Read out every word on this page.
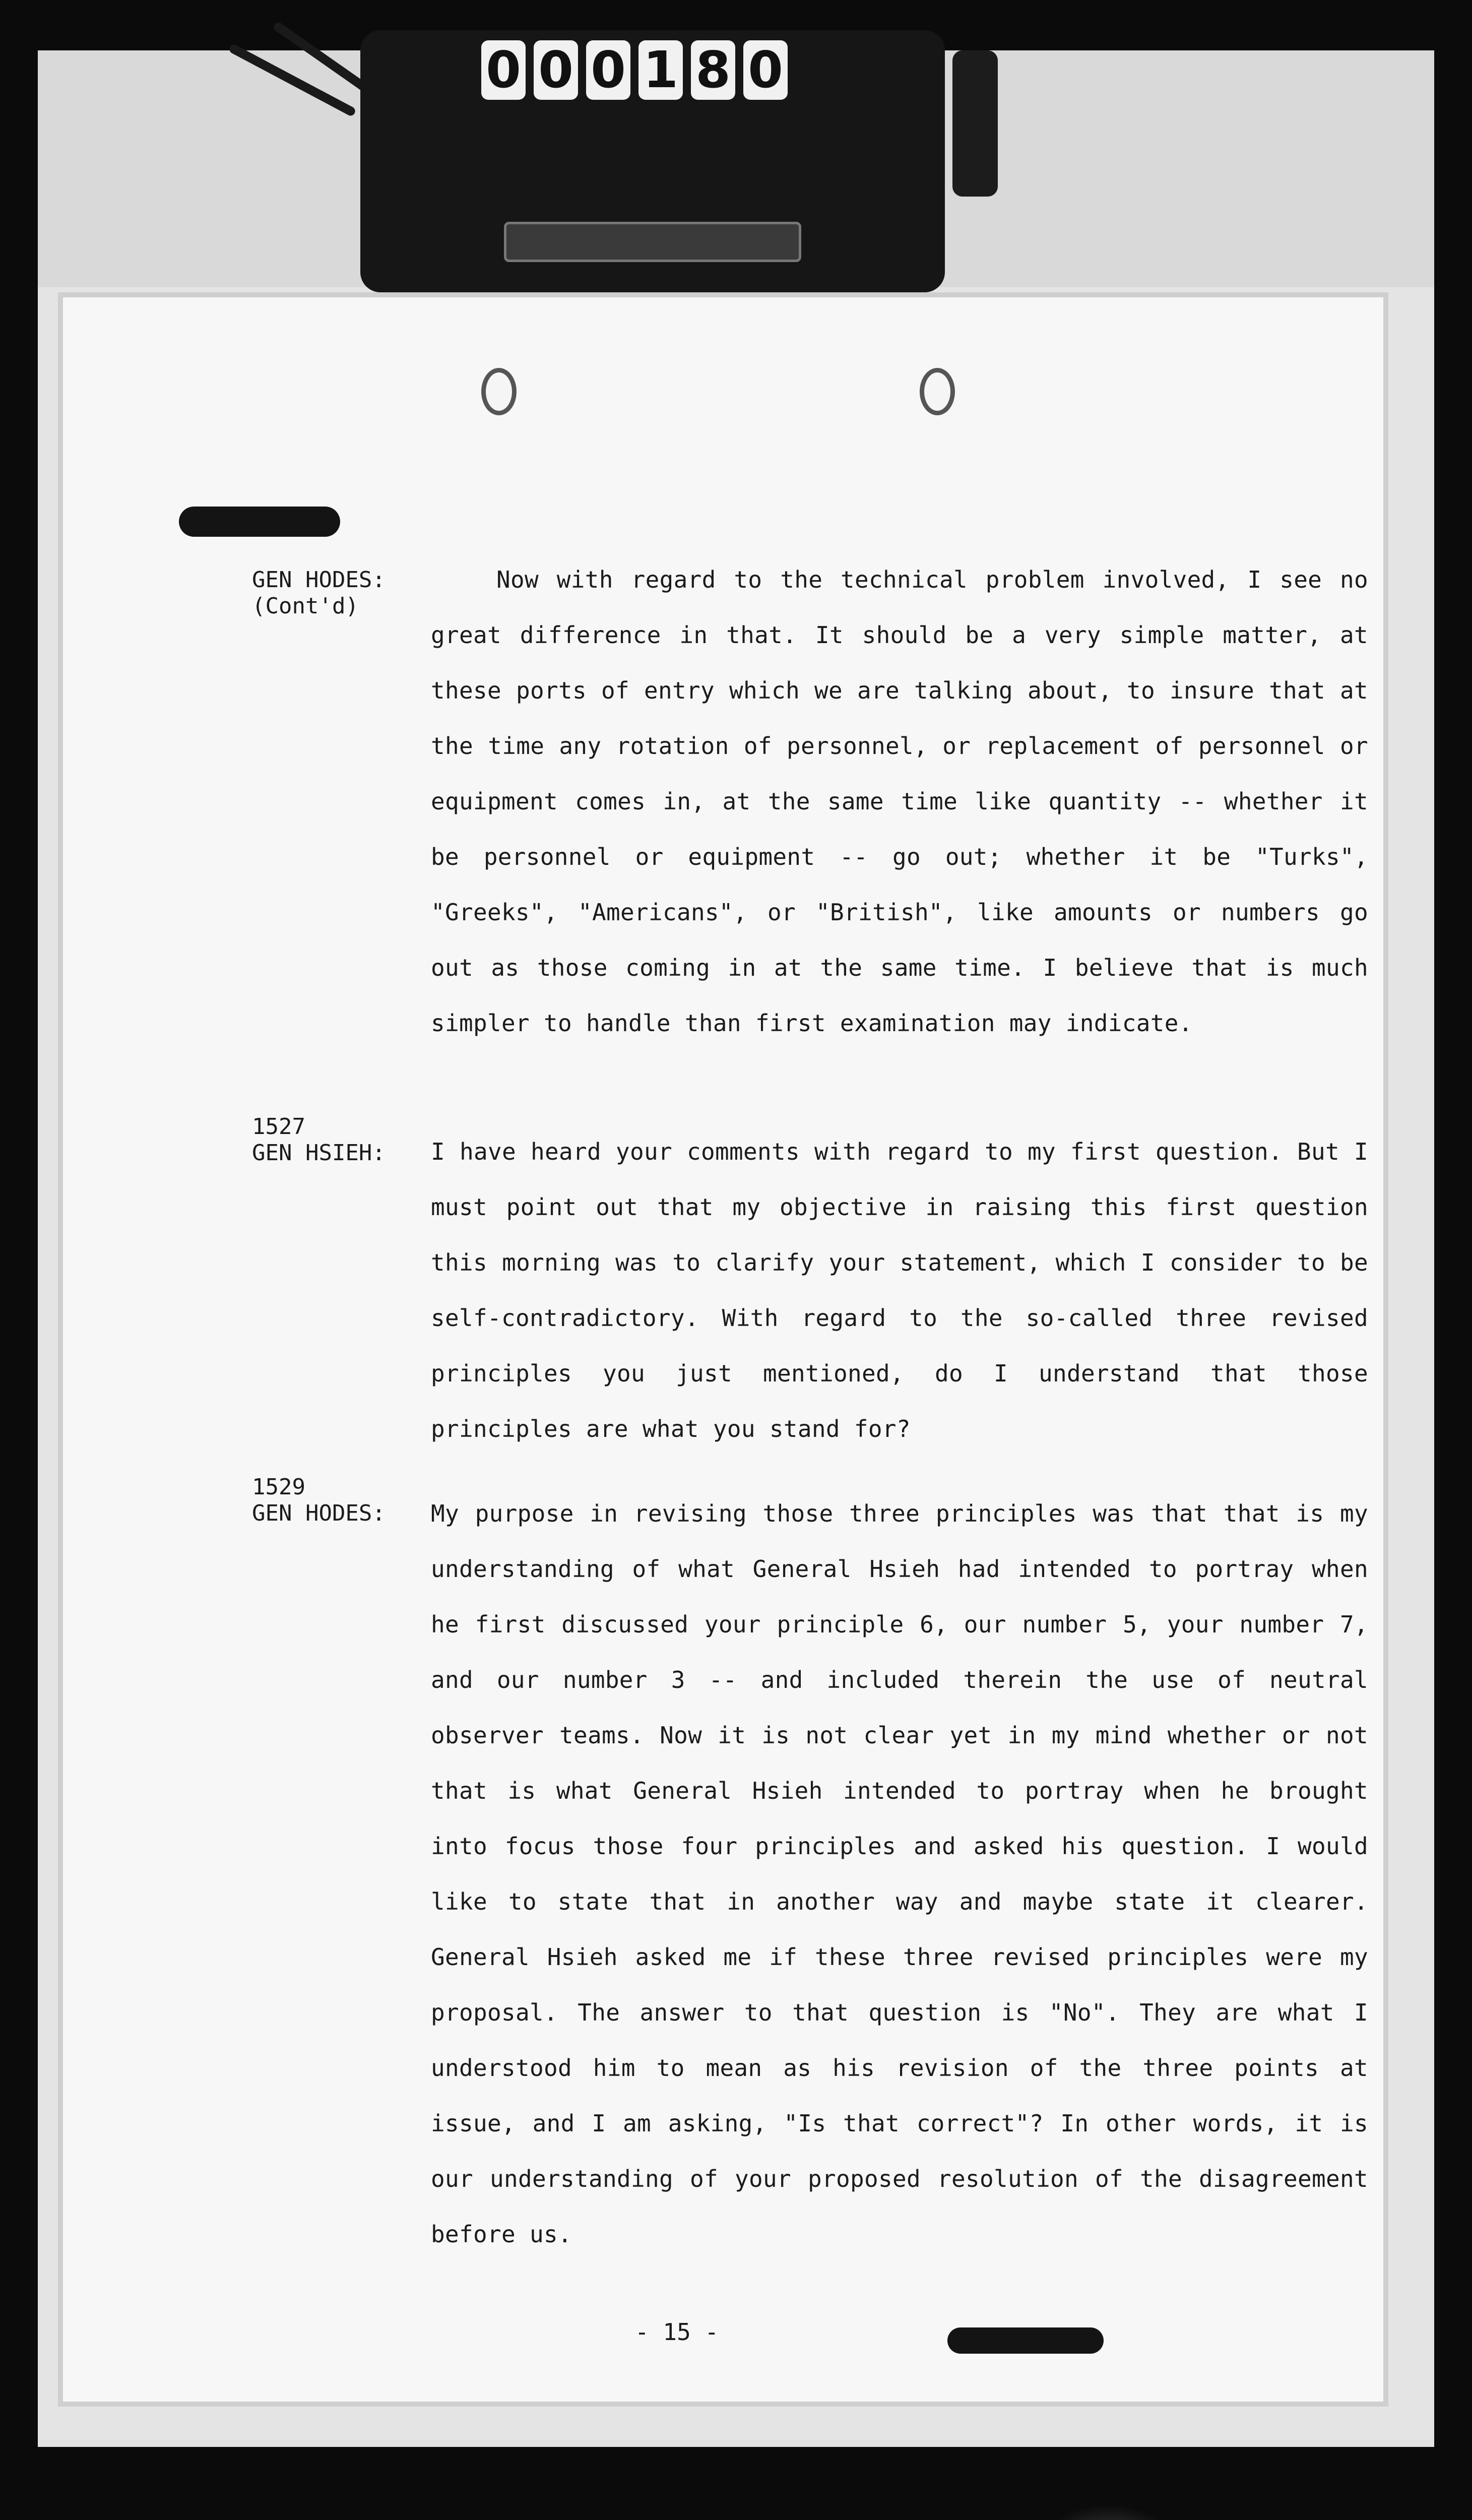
0 0 0 1 8 0
GEN HODES:
(Cont'd)
Now with regard to the technical problem involved, I see no great difference in that. It should be a very simple matter, at these ports of entry which we are talking about, to insure that at the time any rotation of personnel, or replacement of personnel or equipment comes in, at the same time like quantity -- whether it be personnel or equipment -- go out; whether it be "Turks", "Greeks", "Americans", or "British", like amounts or numbers go out as those coming in at the same time. I believe that is much simpler to handle than first examination may indicate.
1527
GEN HSIEH: I have heard your comments with regard to my first question. But I must point out that my objective in raising this first question this morning was to clarify your statement, which I consider to be self-contradictory. With regard to the so-called three revised principles you just mentioned, do I understand that those principles are what you stand for?
1529
GEN HODES: My purpose in revising those three principles was that that is my understanding of what General Hsieh had intended to portray when he first discussed your principle 6, our number 5, your number 7, and our number 3 -- and included therein the use of neutral observer teams. Now it is not clear yet in my mind whether or not that is what General Hsieh intended to portray when he brought into focus those four principles and asked his question. I would like to state that in another way and maybe state it clearer. General Hsieh asked me if these three revised principles were my proposal. The answer to that question is "No". They are what I understood him to mean as his revision of the three points at issue, and I am asking, "Is that correct"? In other words, it is our understanding of your proposed resolution of the disagreement before us.
- 15 -
